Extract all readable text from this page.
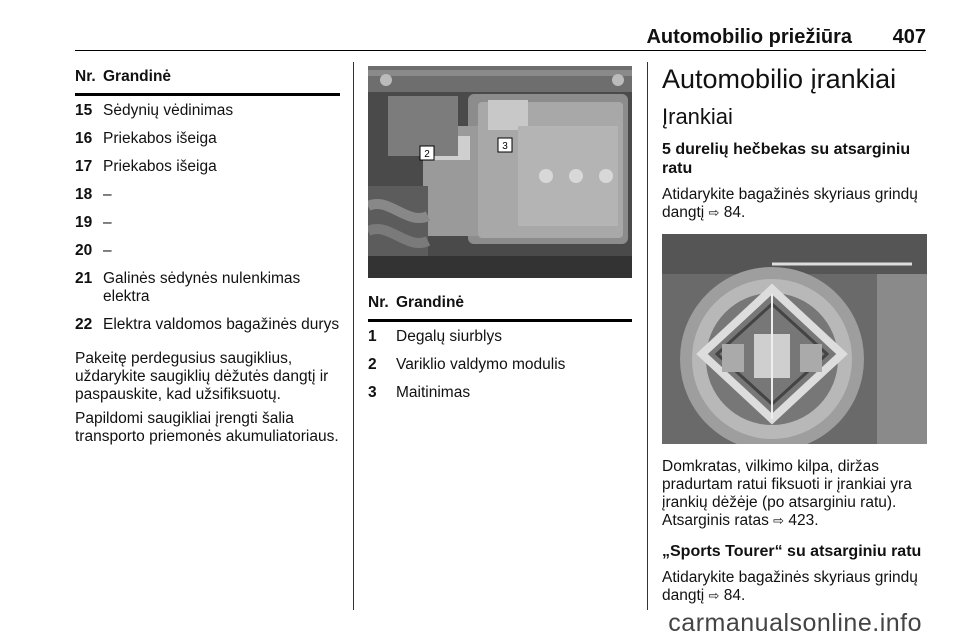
Automobilio priežiūra 407
Nr.	Grandinė
15	Sėdynių vėdinimas
16	Priekabos išeiga
17	Priekabos išeiga
18	–
19	–
20	–
21	Galinės sėdynės nulenkimas elektra
22	Elektra valdomos bagažinės durys

Pakeitę perdegusius saugiklius, uždarykite saugiklių dėžutės dangtį ir paspauskite, kad užsifiksuotų.

Papildomi saugikliai įrengti šalia transporto priemonės akumuliatoriaus.

2
3
Nr.	Grandinė
1	Degalų siurblys
2	Variklio valdymo modulis
3	Maitinimas
Automobilio įrankiai
Įrankiai
5 durelių hečbekas su atsarginiu ratu

Atidarykite bagažinės skyriaus grindų dangtį ⇨ 84.

Domkratas, vilkimo kilpa, diržas pradurtam ratui fiksuoti ir įrankiai yra įrankių dėžėje (po atsarginiu ratu).
Atsarginis ratas ⇨ 423.

„Sports Tourer“ su atsarginiu ratu

Atidarykite bagažinės skyriaus grindų dangtį ⇨ 84.

carmanualsonline.info
